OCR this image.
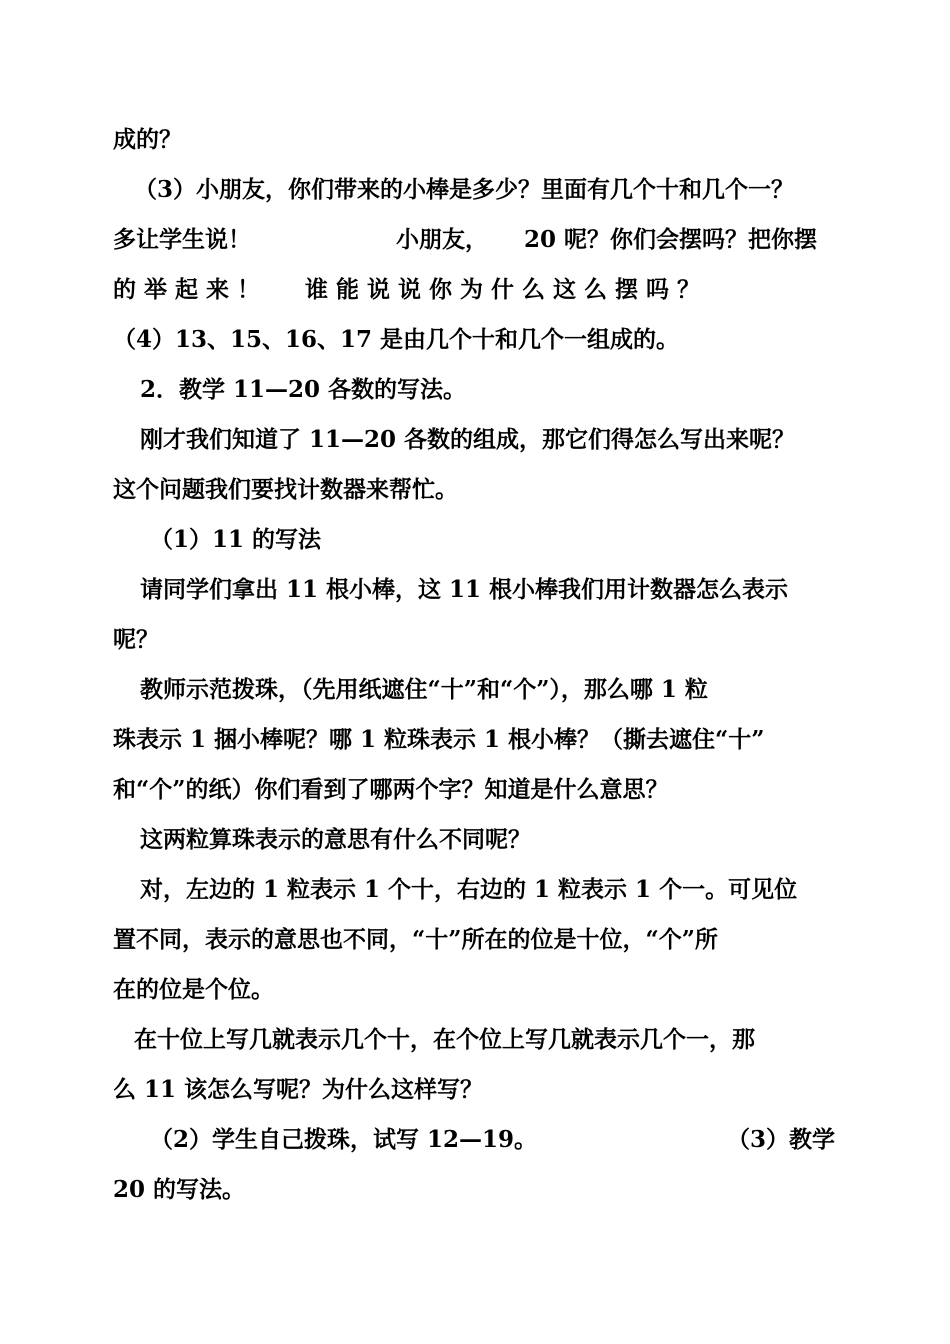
成的？
（3）小朋友，你们带来的小棒是多少？里面有几个十和几个一？
多让学生说！	小朋友， 20 呢？你们会摆吗？把你摆
的举起来！ 谁能说说你为什么这么摆吗？
（4）13、15、16、17 是由几个十和几个一组成的。
2．教学 11—20 各数的写法。
刚才我们知道了 11—20 各数的组成，那它们得怎么写出来呢？
这个问题我们要找计数器来帮忙。
（1）11 的写法
请同学们拿出 11 根小棒，这 11 根小棒我们用计数器怎么表示
呢？
教师示范拨珠，（先用纸遮住“十”和“个”），那么哪 1 粒
珠表示 1 捆小棒呢？哪 1 粒珠表示 1 根小棒？（撕去遮住“十”
和“个”的纸）你们看到了哪两个字？知道是什么意思？
这两粒算珠表示的意思有什么不同呢？
对，左边的 1 粒表示 1 个十，右边的 1 粒表示 1 个一。可见位
置不同，表示的意思也不同，“十”所在的位是十位，“个”所
在的位是个位。
在十位上写几就表示几个十，在个位上写几就表示几个一，那
么 11 该怎么写呢？为什么这样写？
（2）学生自己拨珠，试写 12—19。	（3）教学
20 的写法。
